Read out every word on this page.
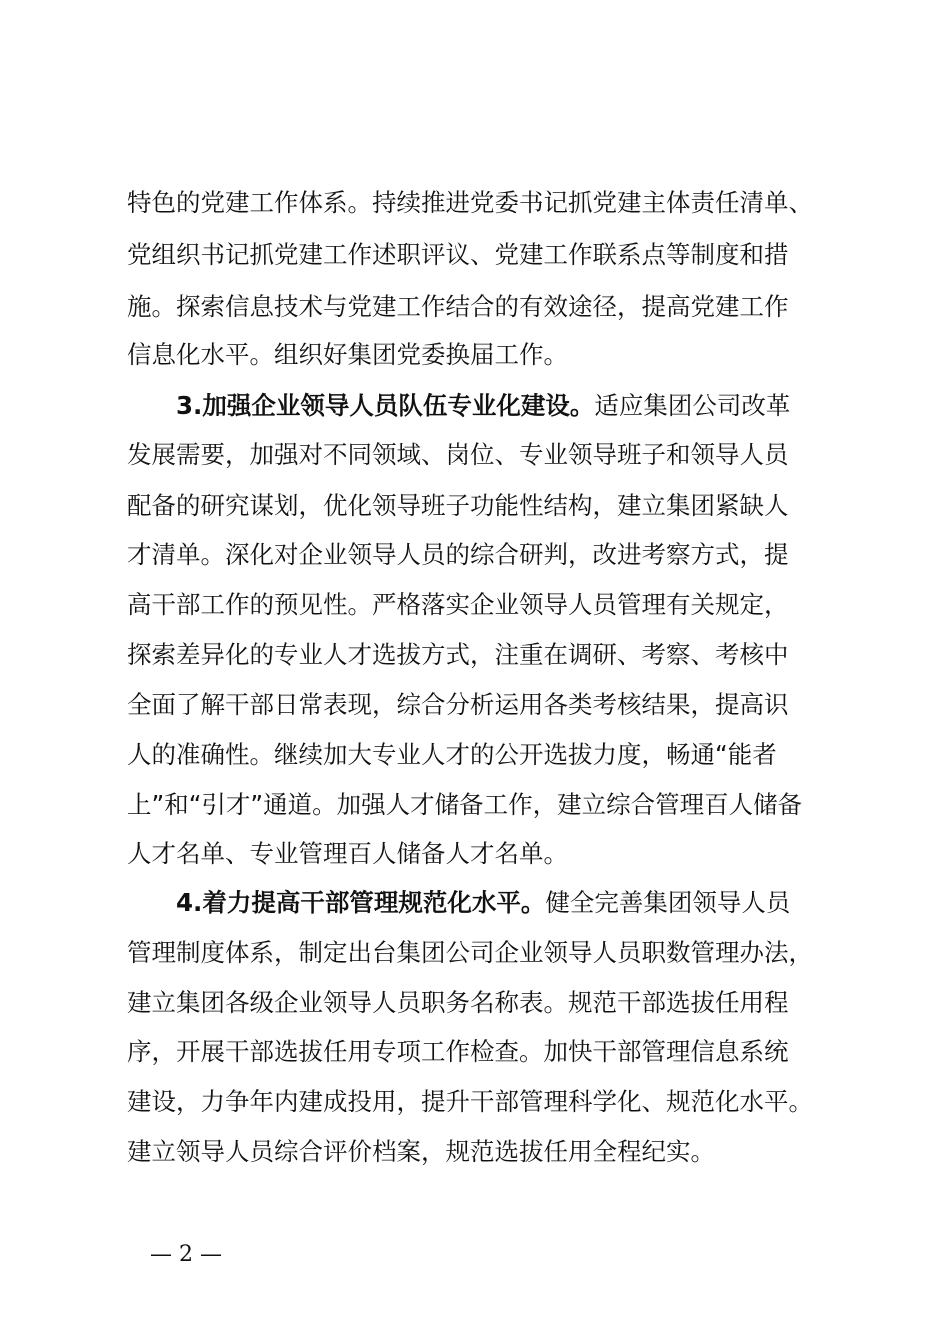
特色的党建工作体系。持续推进党委书记抓党建主体责任清单、
党组织书记抓党建工作述职评议、党建工作联系点等制度和措
施。探索信息技术与党建工作结合的有效途径，提高党建工作
信息化水平。组织好集团党委换届工作。
3.加强企业领导人员队伍专业化建设。适应集团公司改革
发展需要，加强对不同领域、岗位、专业领导班子和领导人员
配备的研究谋划，优化领导班子功能性结构，建立集团紧缺人
才清单。深化对企业领导人员的综合研判，改进考察方式，提
高干部工作的预见性。严格落实企业领导人员管理有关规定，
探索差异化的专业人才选拔方式，注重在调研、考察、考核中
全面了解干部日常表现，综合分析运用各类考核结果，提高识
人的准确性。继续加大专业人才的公开选拔力度，畅通“能者
上”和“引才”通道。加强人才储备工作，建立综合管理百人储备
人才名单、专业管理百人储备人才名单。
4.着力提高干部管理规范化水平。健全完善集团领导人员
管理制度体系，制定出台集团公司企业领导人员职数管理办法，
建立集团各级企业领导人员职务名称表。规范干部选拔任用程
序，开展干部选拔任用专项工作检查。加快干部管理信息系统
建设，力争年内建成投用，提升干部管理科学化、规范化水平。
建立领导人员综合评价档案，规范选拔任用全程纪实。
— 2 —
